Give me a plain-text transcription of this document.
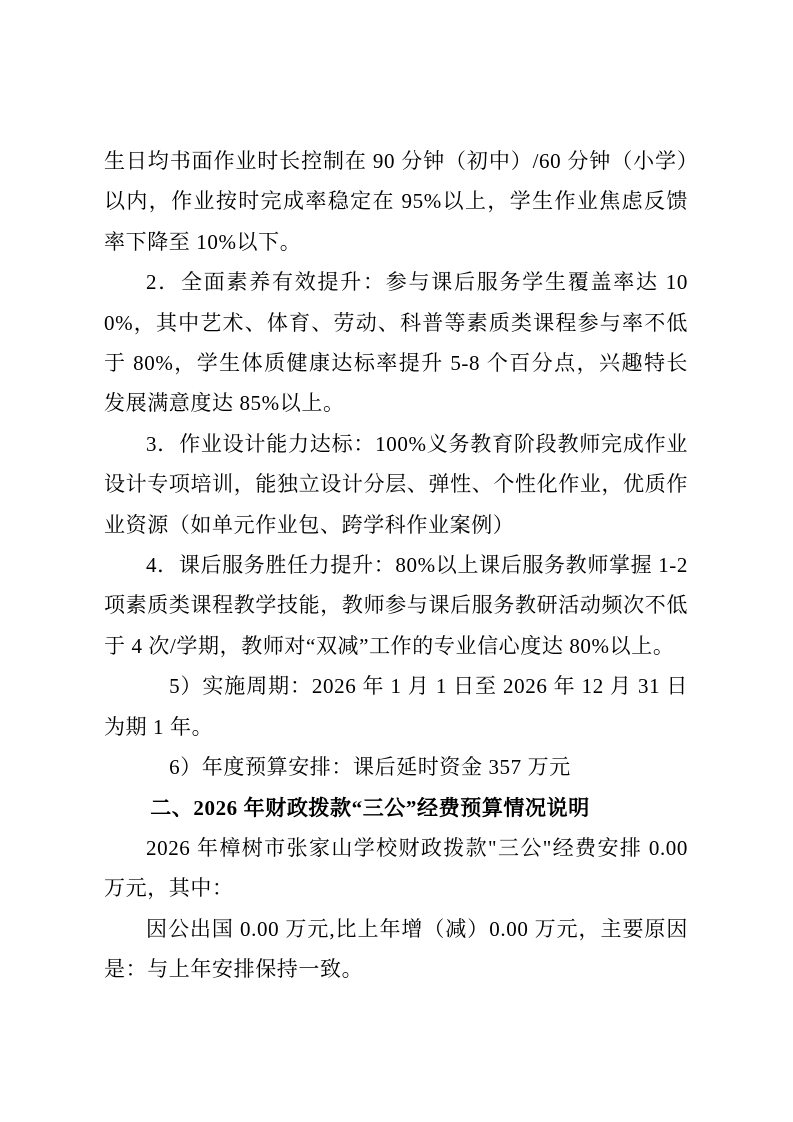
生日均书面作业时长控制在 90 分钟（初中）/60 分钟（小学）以内，作业按时完成率稳定在 95%以上，学生作业焦虑反馈率下降至 10%以下。

2．全面素养有效提升：参与课后服务学生覆盖率达 100%，其中艺术、体育、劳动、科普等素质类课程参与率不低于 80%，学生体质健康达标率提升 5-8 个百分点，兴趣特长发展满意度达 85%以上。

3．作业设计能力达标：100%义务教育阶段教师完成作业设计专项培训，能独立设计分层、弹性、个性化作业，优质作业资源（如单元作业包、跨学科作业案例）

4．课后服务胜任力提升：80%以上课后服务教师掌握 1-2 项素质类课程教学技能，教师参与课后服务教研活动频次不低于 4 次/学期，教师对“双减”工作的专业信心度达 80%以上。

5）实施周期：2026 年 1 月 1 日至 2026 年 12 月 31 日为期 1 年。

6）年度预算安排：课后延时资金 357 万元

二、2026 年财政拨款“三公”经费预算情况说明

2026 年樟树市张家山学校财政拨款"三公"经费安排 0.00 万元，其中：

因公出国 0.00 万元,比上年增（减）0.00 万元，主要原因是：与上年安排保持一致。
